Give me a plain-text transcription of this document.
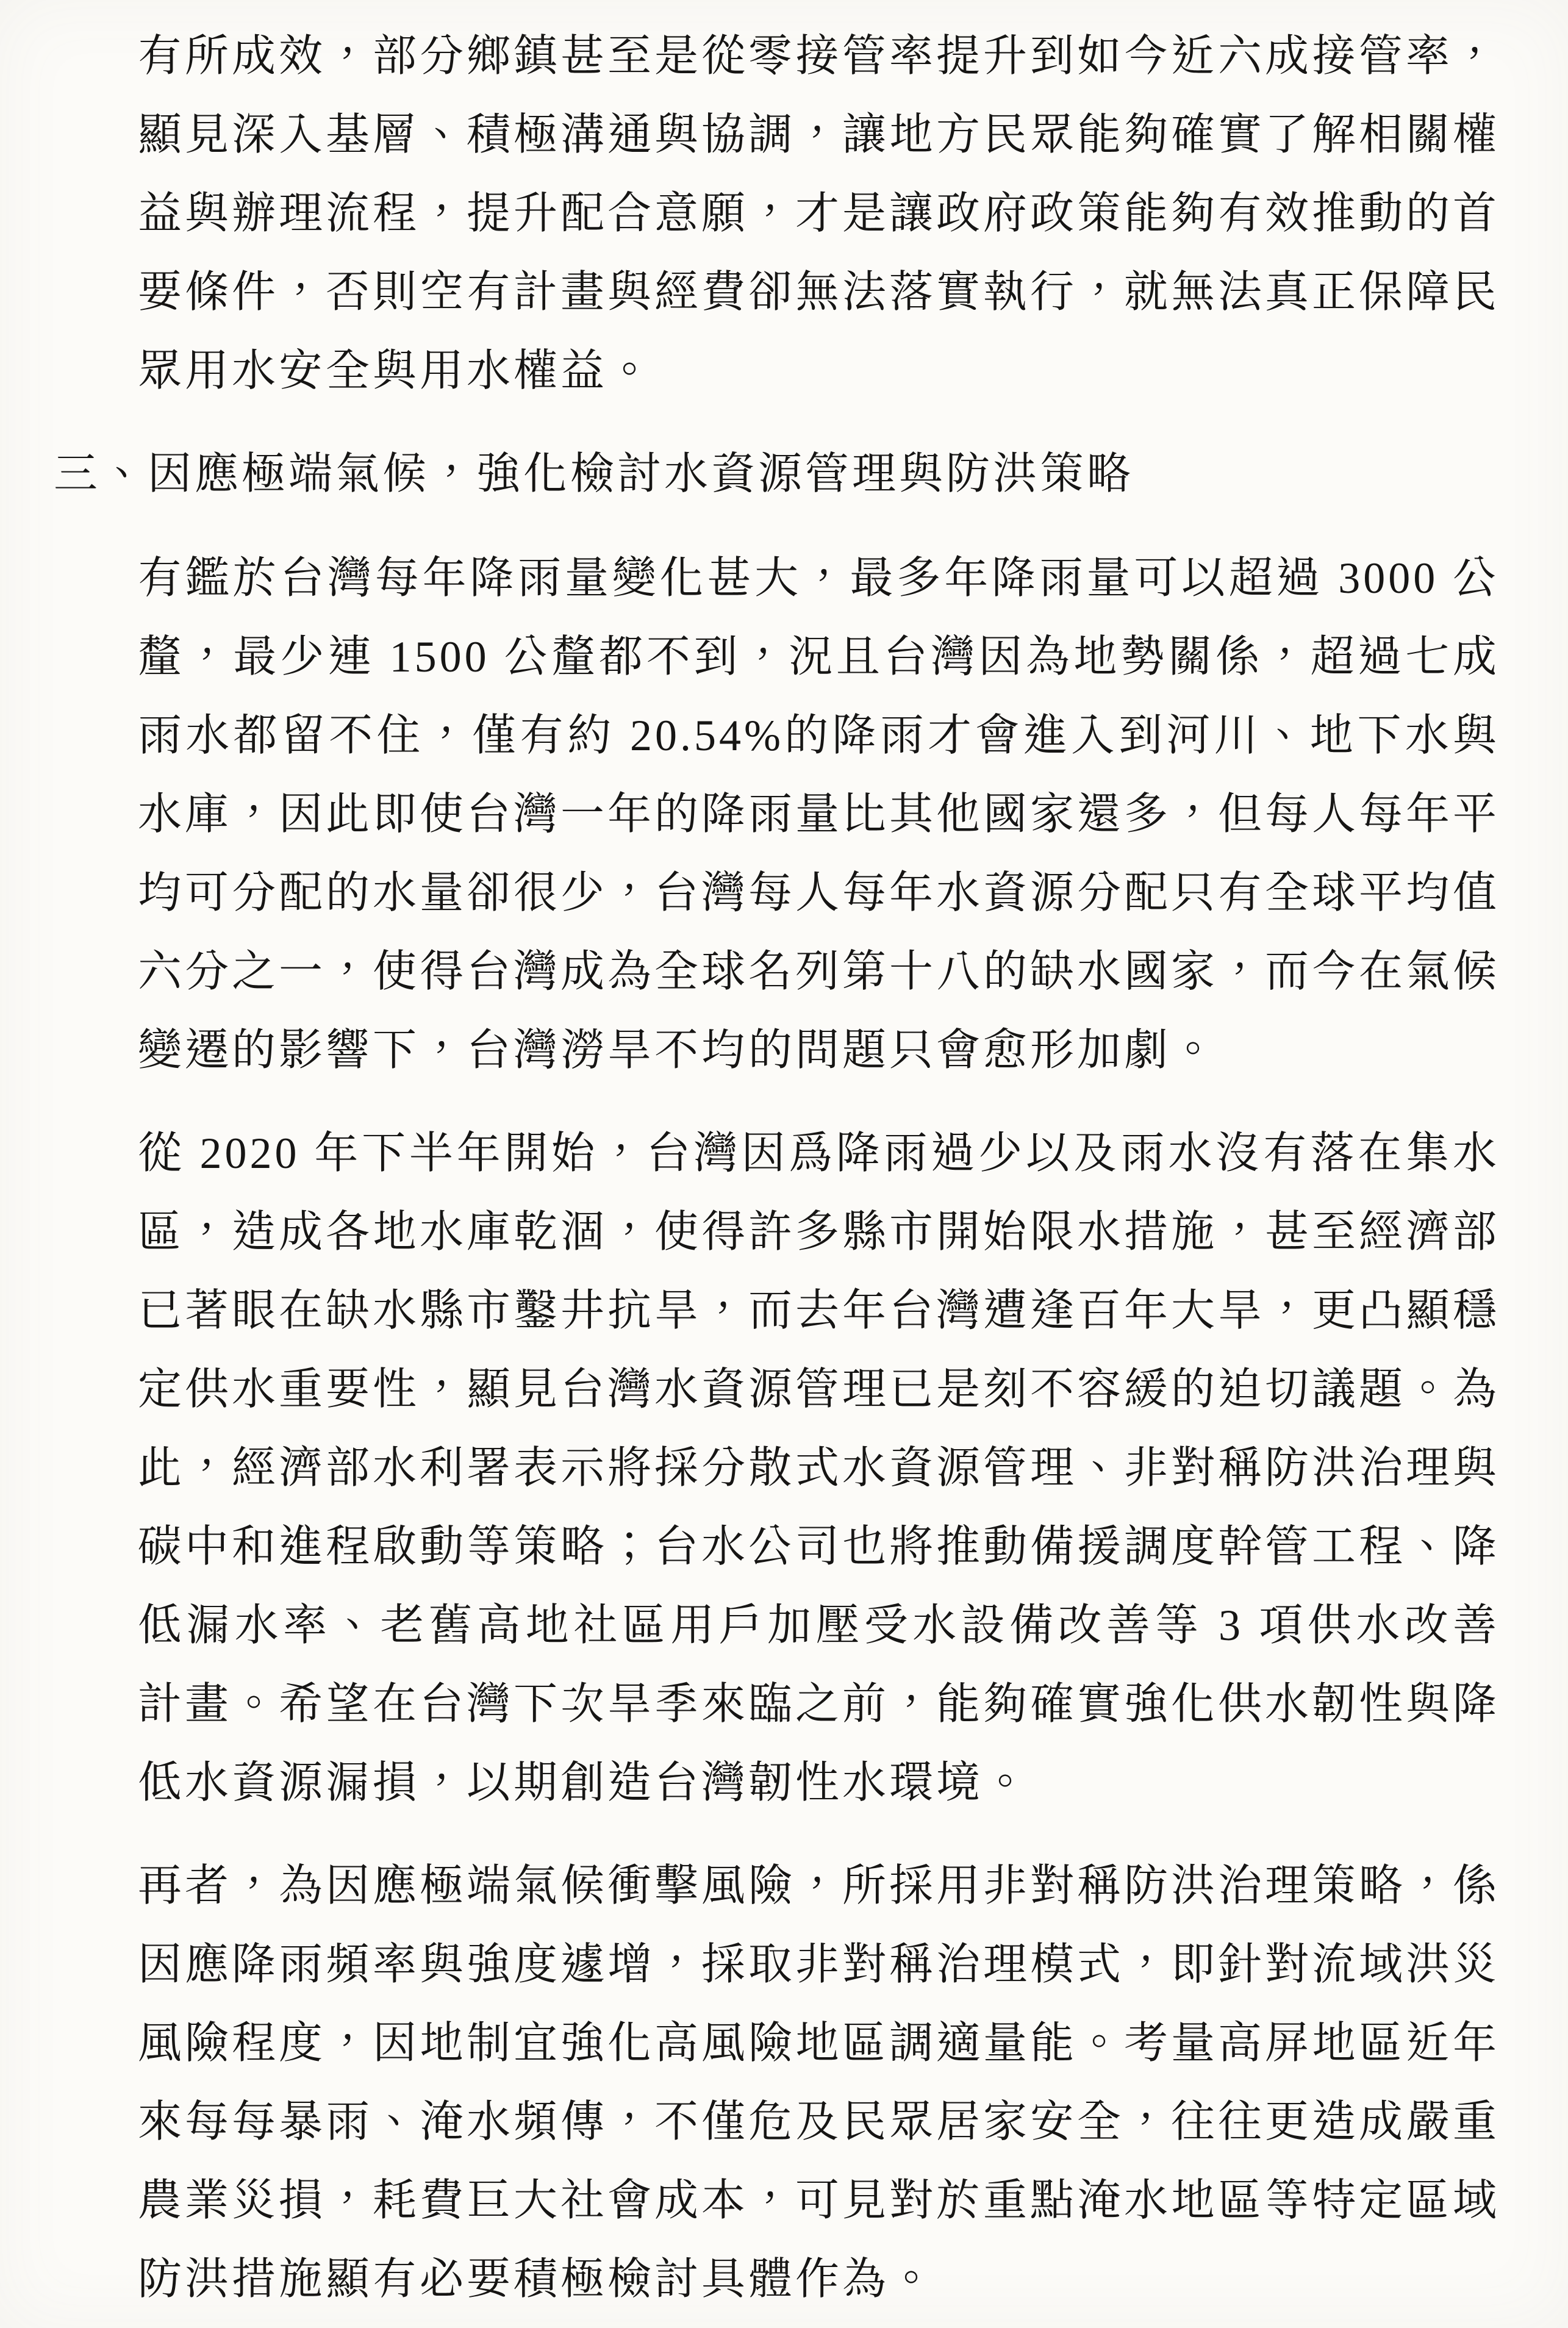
有所成效，部分鄉鎮甚至是從零接管率提升到如今近六成接管率，顯見深入基層、積極溝通與協調，讓地方民眾能夠確實了解相關權益與辦理流程，提升配合意願，才是讓政府政策能夠有效推動的首要條件，否則空有計畫與經費卻無法落實執行，就無法真正保障民眾用水安全與用水權益。

三、因應極端氣候，強化檢討水資源管理與防洪策略

有鑑於台灣每年降雨量變化甚大，最多年降雨量可以超過 3000 公釐，最少連 1500 公釐都不到，況且台灣因為地勢關係，超過七成雨水都留不住，僅有約 20.54%的降雨才會進入到河川、地下水與水庫，因此即使台灣一年的降雨量比其他國家還多，但每人每年平均可分配的水量卻很少，台灣每人每年水資源分配只有全球平均值六分之一，使得台灣成為全球名列第十八的缺水國家，而今在氣候變遷的影響下，台灣澇旱不均的問題只會愈形加劇。

從 2020 年下半年開始，台灣因爲降雨過少以及雨水沒有落在集水區，造成各地水庫乾涸，使得許多縣市開始限水措施，甚至經濟部已著眼在缺水縣市鑿井抗旱，而去年台灣遭逢百年大旱，更凸顯穩定供水重要性，顯見台灣水資源管理已是刻不容緩的迫切議題。為此，經濟部水利署表示將採分散式水資源管理、非對稱防洪治理與碳中和進程啟動等策略；台水公司也將推動備援調度幹管工程、降低漏水率、老舊高地社區用戶加壓受水設備改善等 3 項供水改善計畫。希望在台灣下次旱季來臨之前，能夠確實強化供水韌性與降低水資源漏損，以期創造台灣韌性水環境。

再者，為因應極端氣候衝擊風險，所採用非對稱防洪治理策略，係因應降雨頻率與強度遽增，採取非對稱治理模式，即針對流域洪災風險程度，因地制宜強化高風險地區調適量能。考量高屏地區近年來每每暴雨、淹水頻傳，不僅危及民眾居家安全，往往更造成嚴重農業災損，耗費巨大社會成本，可見對於重點淹水地區等特定區域防洪措施顯有必要積極檢討具體作為。
